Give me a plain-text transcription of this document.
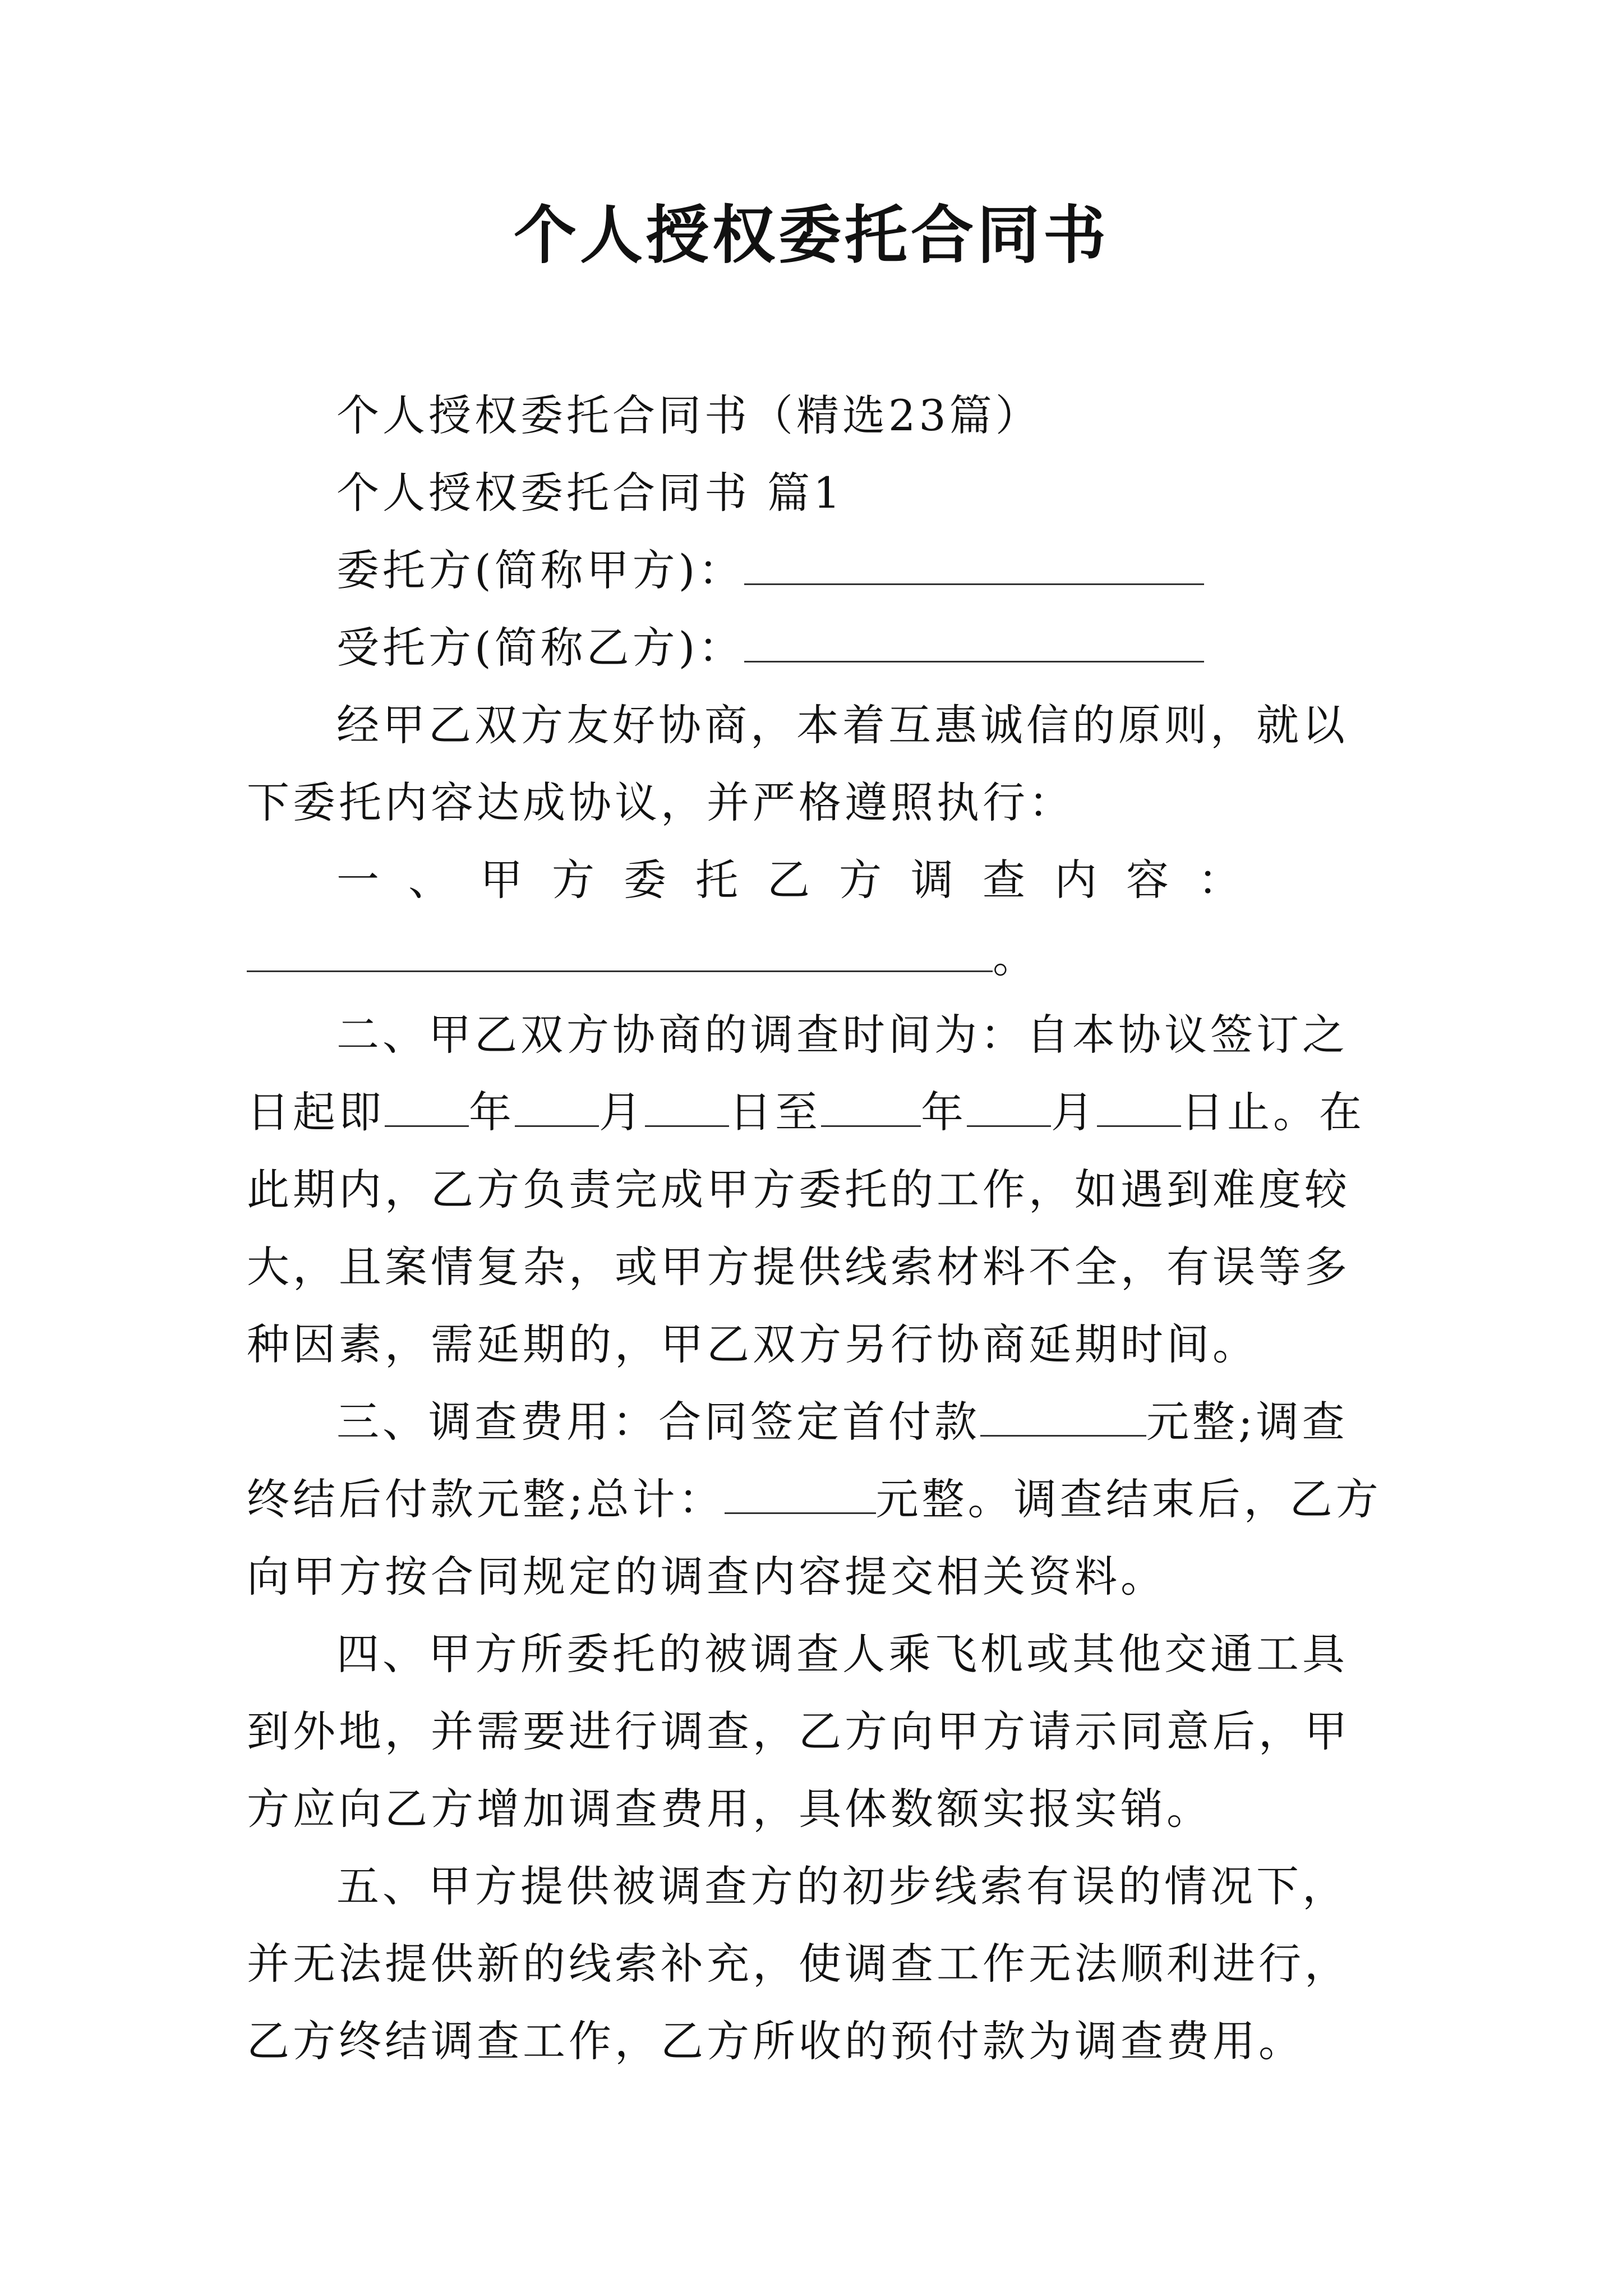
个人授权委托合同书

个人授权委托合同书（精选23篇）

个人授权委托合同书 篇1

委托方(简称甲方)：

受托方(简称乙方)：

经甲乙双方友好协商，本着互惠诚信的原则，就以下委托内容达成协议，并严格遵照执行：

一、甲方委托乙方调查内容：

。

二、甲乙双方协商的调查时间为：自本协议签订之日起即 年 月 日至 年 月 日止。在此期内，乙方负责完成甲方委托的工作，如遇到难度较大，且案情复杂，或甲方提供线索材料不全，有误等多种因素，需延期的，甲乙双方另行协商延期时间。

三、调查费用：合同签定首付款	元整;调查终结后付款元整;总计：	元整。调查结束后，乙方向甲方按合同规定的调查内容提交相关资料。

四、甲方所委托的被调查人乘飞机或其他交通工具到外地，并需要进行调查，乙方向甲方请示同意后，甲方应向乙方增加调查费用，具体数额实报实销。

五、甲方提供被调查方的初步线索有误的情况下，并无法提供新的线索补充，使调查工作无法顺利进行，乙方终结调查工作，乙方所收的预付款为调查费用。
